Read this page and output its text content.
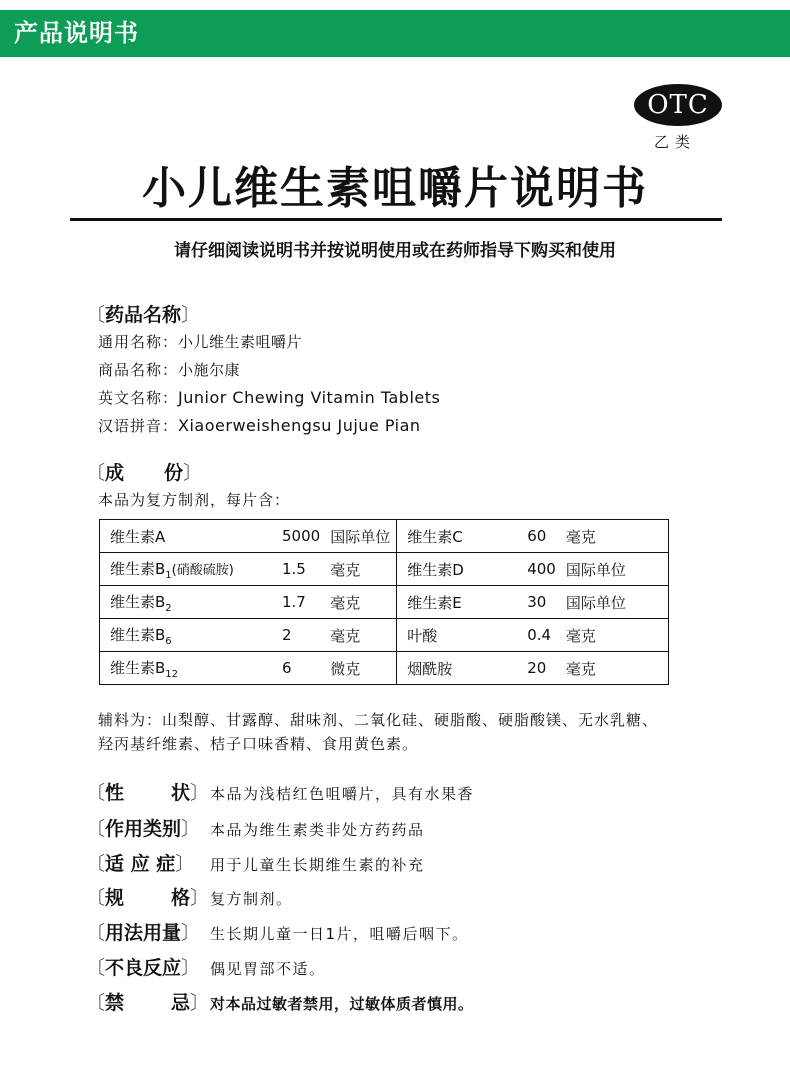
产品说明书
OTC
乙类
小儿维生素咀嚼片说明书
请仔细阅读说明书并按说明使用或在药师指导下购买和使用
〔药品名称〕
通用名称：小儿维生素咀嚼片
商品名称：小施尔康
英文名称：Junior Chewing Vitamin Tablets
汉语拼音：Xiaoerweishengsu Jujue Pian
〔成 份〕
本品为复方制剂，每片含：
维生素A	5000	国际单位	维生素C	60	毫克
维生素$B_1$(硝酸硫胺)	1.5	毫克	维生素D	400	国际单位
维生素$B_2$	1.7	毫克	维生素E	30	国际单位
维生素$B_6$	2	毫克	叶酸	0.4	毫克
维生素$B_{12}$	6	微克	烟酰胺	20	毫克
辅料为：山梨醇、甘露醇、甜味剂、二氧化硅、硬脂酸、硬脂酸镁、无水乳糖、羟丙基纤维素、桔子口味香精、食用黄色素。
〔性 状〕 本品为浅桔红色咀嚼片，具有水果香
〔作用类别〕 本品为维生素类非处方药药品
〔适 应 症〕	用于儿童生长期维生素的补充
〔规 格〕 复方制剂。
〔用法用量〕 生长期儿童一日1片，咀嚼后咽下。
〔不良反应〕 偶见胃部不适。
〔禁 忌〕 对本品过敏者禁用，过敏体质者慎用。
